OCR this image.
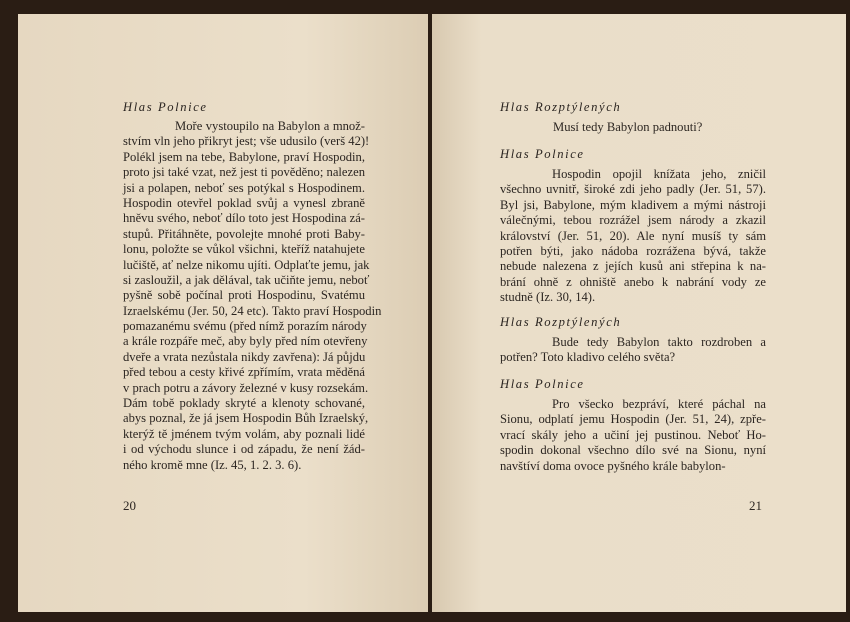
Hlas Polnice
Moře vystoupilo na Babylon a množ-
stvím vln jeho přikryt jest; vše udusilo (verš 42)!
Polékl jsem na tebe, Babylone, praví Hospodin,
proto jsi také vzat, než jest ti pověděno; nalezen
jsi a polapen, neboť ses potýkal s Hospodinem.
Hospodin otevřel poklad svůj a vynesl zbraně
hněvu svého, neboť dílo toto jest Hospodina zá-
stupů. Přitáhněte, povolejte mnohé proti Baby-
lonu, položte se vůkol všichni, kteříž natahujete
lučiště, ať nelze nikomu ujíti. Odplaťte jemu, jak
si zasloužil, a jak dělával, tak učiňte jemu, neboť
pyšně sobě počínal proti Hospodinu, Svatému
Izraelskému (Jer. 50, 24 etc). Takto praví Hospodin
pomazanému svému (před nímž porazím národy
a krále rozpáře meč, aby byly před ním otevřeny
dveře a vrata nezůstala nikdy zavřena): Já půjdu
před tebou a cesty křivé zpřímím, vrata měděná
v prach potru a závory železné v kusy rozsekám.
Dám tobě poklady skryté a klenoty schované,
abys poznal, že já jsem Hospodin Bůh Izraelský,
kterýž tě jménem tvým volám, aby poznali lidé
i od východu slunce i od západu, že není žád-
ného kromě mne (Iz. 45, 1. 2. 3. 6).
20
Hlas Rozptýlených
Musí tedy Babylon padnouti?
Hlas Polnice
Hospodin opojil knížata jeho, zničil
všechno uvnitř, široké zdi jeho padly (Jer. 51, 57).
Byl jsi, Babylone, mým kladivem a mými nástroji
válečnými, tebou rozrážel jsem národy a zkazil
království (Jer. 51, 20). Ale nyní musíš ty sám
potřen býti, jako nádoba rozrážena bývá, takže
nebude nalezena z jejích kusů ani střepina k na-
brání ohně z ohniště anebo k nabrání vody ze
studně (Iz. 30, 14).
Hlas Rozptýlených
Bude tedy Babylon takto rozdroben a
potřen? Toto kladivo celého světa?
Hlas Polnice
Pro všecko bezpráví, které páchal na
Sionu, odplatí jemu Hospodin (Jer. 51, 24), zpře-
vrací skály jeho a učiní jej pustinou. Neboť Ho-
spodin dokonal všechno dílo své na Sionu, nyní
navštíví doma ovoce pyšného krále babylon-
21
